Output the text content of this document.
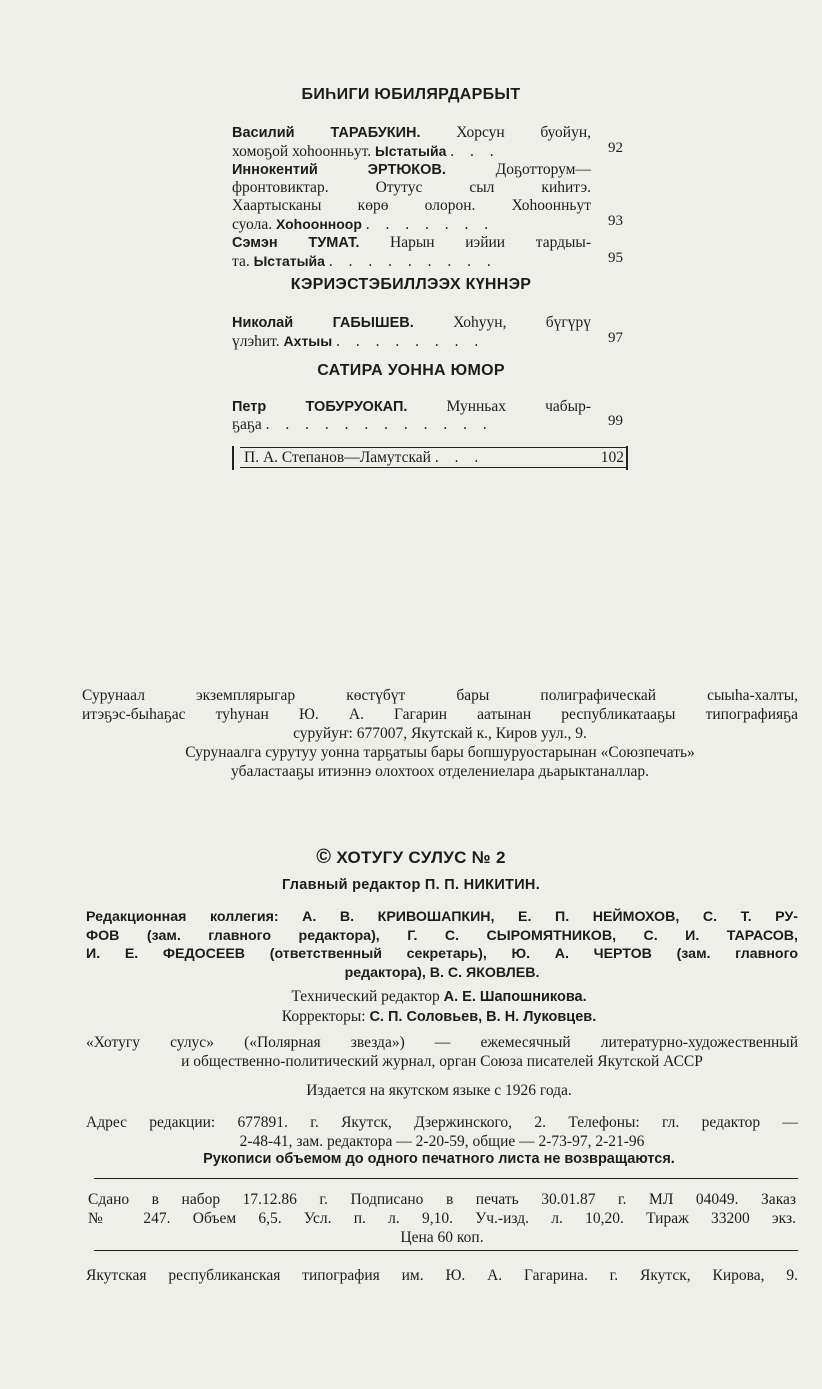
БИҺИГИ ЮБИЛЯРДАРБЫТ
Василий ТАРАБУКИН. Хорсун буойун,
хомоҕой хоһоонньут. Ыстатыйа . . .	92
Иннокентий ЭРТЮКОВ.	Доҕотторум—
фронтовиктар. Отутус сыл киһитэ.
Хаартысканы көрө олорон. Хоһоонньут
суола. Хоһоонноор . . . . . . .	93
Сэмэн ТУМАТ. Нарын иэйии тардыы-
та. Ыстатыйа . . . . . . . . .	95
КЭРИЭСТЭБИЛЛЭЭХ КҮННЭР
Николай ГАБЫШЕВ.	Хоһуун, бүгүрү
үлэһит. Ахтыы . . . . . . . .	97
САТИРА УОННА ЮМОР
Петр ТОБУРУОКАП.	Мунньах чабыр-
ҕаҕа . . . . . . . . . . . .	99
П. А. Степанов—Ламутскай . . .	102
Сурунаал экземплярыгар көстүбүт бары полиграфическай сыыһа-халты,
итэҕэс-быһаҕас туһунан Ю. А. Гагарин аатынан республикатааҕы типографияҕа

суруйуҥ: 677007, Якутскай к., Киров уул., 9.

Сурунаалга сурутуу уонна тарҕатыы бары бопшуруостарынан «Союзпечать»

убаластааҕы итиэннэ олохтоох отделениелара дьарыктаналлар.

© ХОТУГУ СУЛУС № 2
Главный редактор П. П. НИКИТИН.
Редакционная коллегия: А. В. КРИВОШАПКИН, Е. П. НЕЙМОХОВ, С. Т. РУ-
ФОВ (зам. главного редактора), Г. С. СЫРОМЯТНИКОВ, С. И. ТАРАСОВ,
И. Е. ФЕДОСЕЕВ (ответственный секретарь), Ю. А. ЧЕРТОВ (зам. главного

редактора), В. С. ЯКОВЛЕВ.

Технический редактор А. Е. Шапошникова.

Корректоры: С. П. Соловьев, В. Н. Луковцев.

«Хотугу сулус» («Полярная звезда») — ежемесячный литературно-художественный

и общественно-политический журнал, орган Союза писателей Якутской АССР

Издается на якутском языке с 1926 года.
Адрес редакции: 677891. г. Якутск, Дзержинского, 2. Телефоны: гл. редактор —

2-48-41, зам. редактора — 2-20-59, общие — 2-73-97, 2-21-96

Рукописи объемом до одного печатного листа не возвращаются.
Сдано в набор 17.12.86 г. Подписано в печать 30.01.87 г. МЛ 04049. Заказ
№ 247. Объем 6,5. Усл. п. л. 9,10. Уч.-изд. л. 10,20. Тираж 33200 экз.

Цена 60 коп.

Якутская республиканская типография им. Ю. А. Гагарина. г. Якутск, Кирова, 9.
